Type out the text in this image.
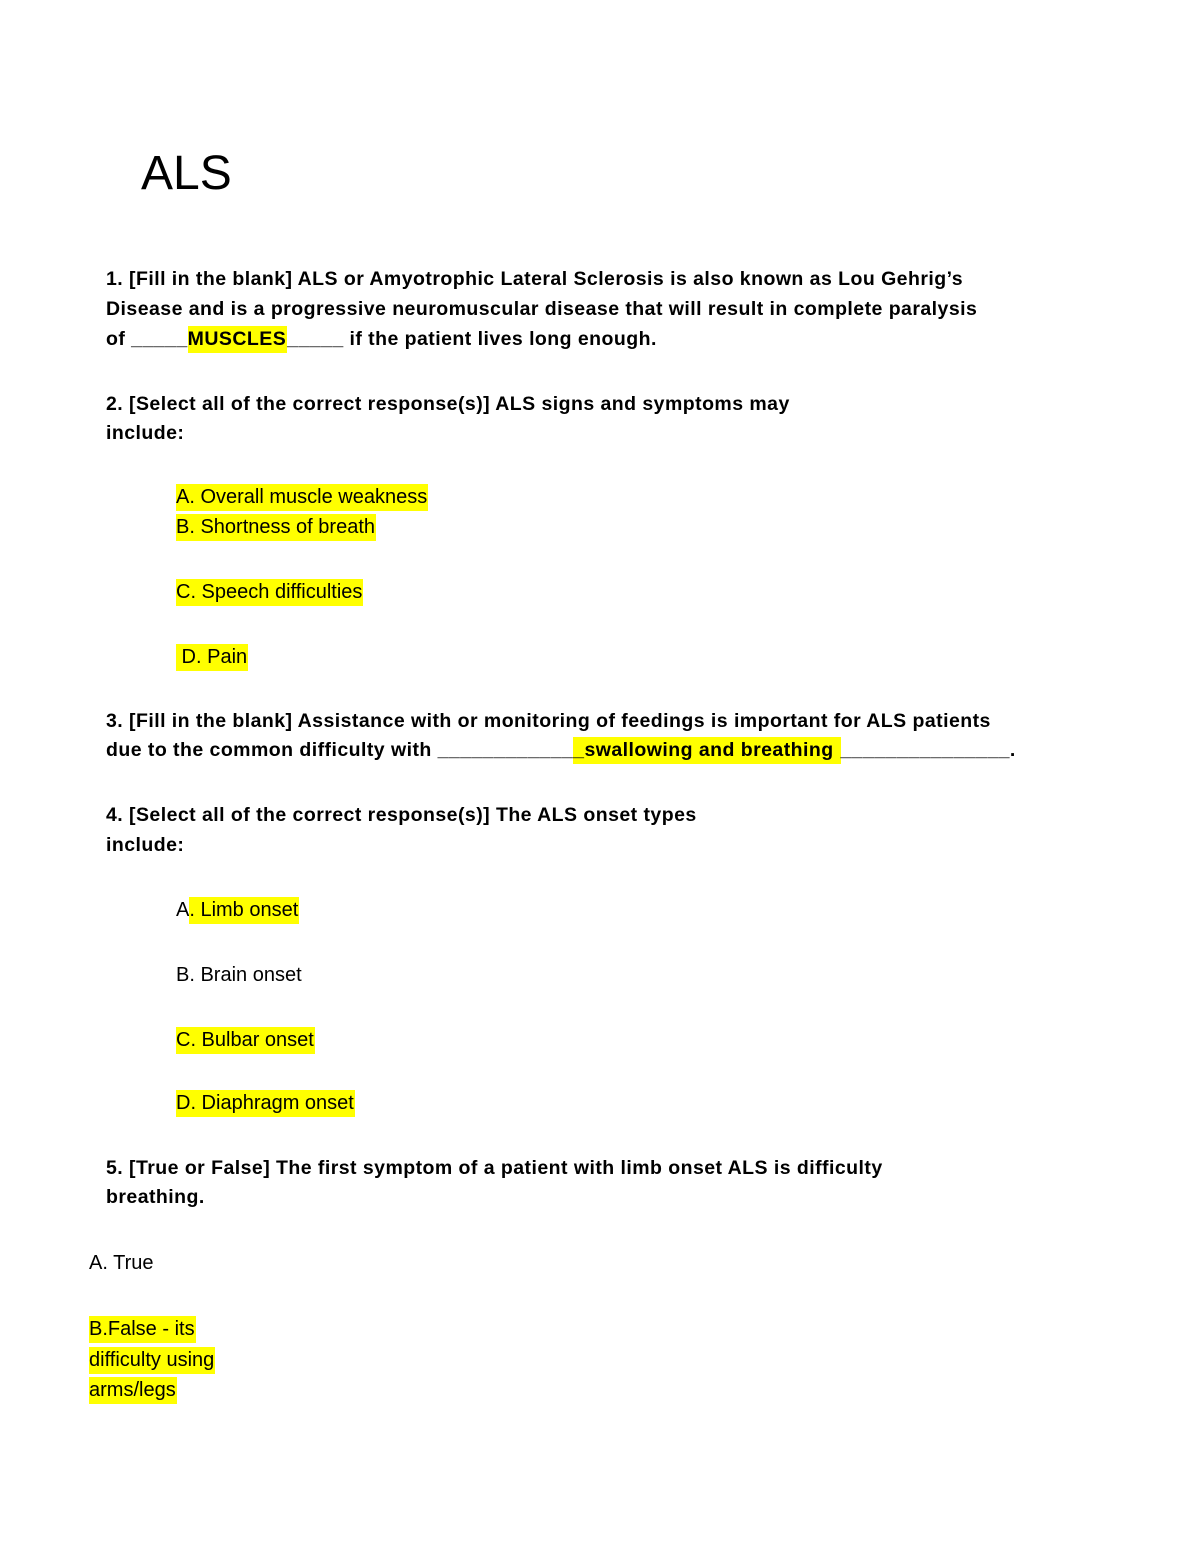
ALS
1. [Fill in the blank] ALS or Amyotrophic Lateral Sclerosis is also known as Lou Gehrig’s
Disease and is a progressive neuromuscular disease that will result in complete paralysis
of _____MUSCLES_____ if the patient lives long enough.
2. [Select all of the correct response(s)] ALS signs and symptoms may
include:
A. Overall muscle weakness
B. Shortness of breath
C. Speech difficulties
D. Pain
3. [Fill in the blank] Assistance with or monitoring of feedings is important for ALS patients
due to the common difficulty with _____________swallowing and breathing _______________.
4. [Select all of the correct response(s)] The ALS onset types
include:
A. Limb onset
B. Brain onset
C. Bulbar onset
D. Diaphragm onset
5. [True or False] The first symptom of a patient with limb onset ALS is difficulty
breathing.
A. True
B.False - its
difficulty using
arms/legs
